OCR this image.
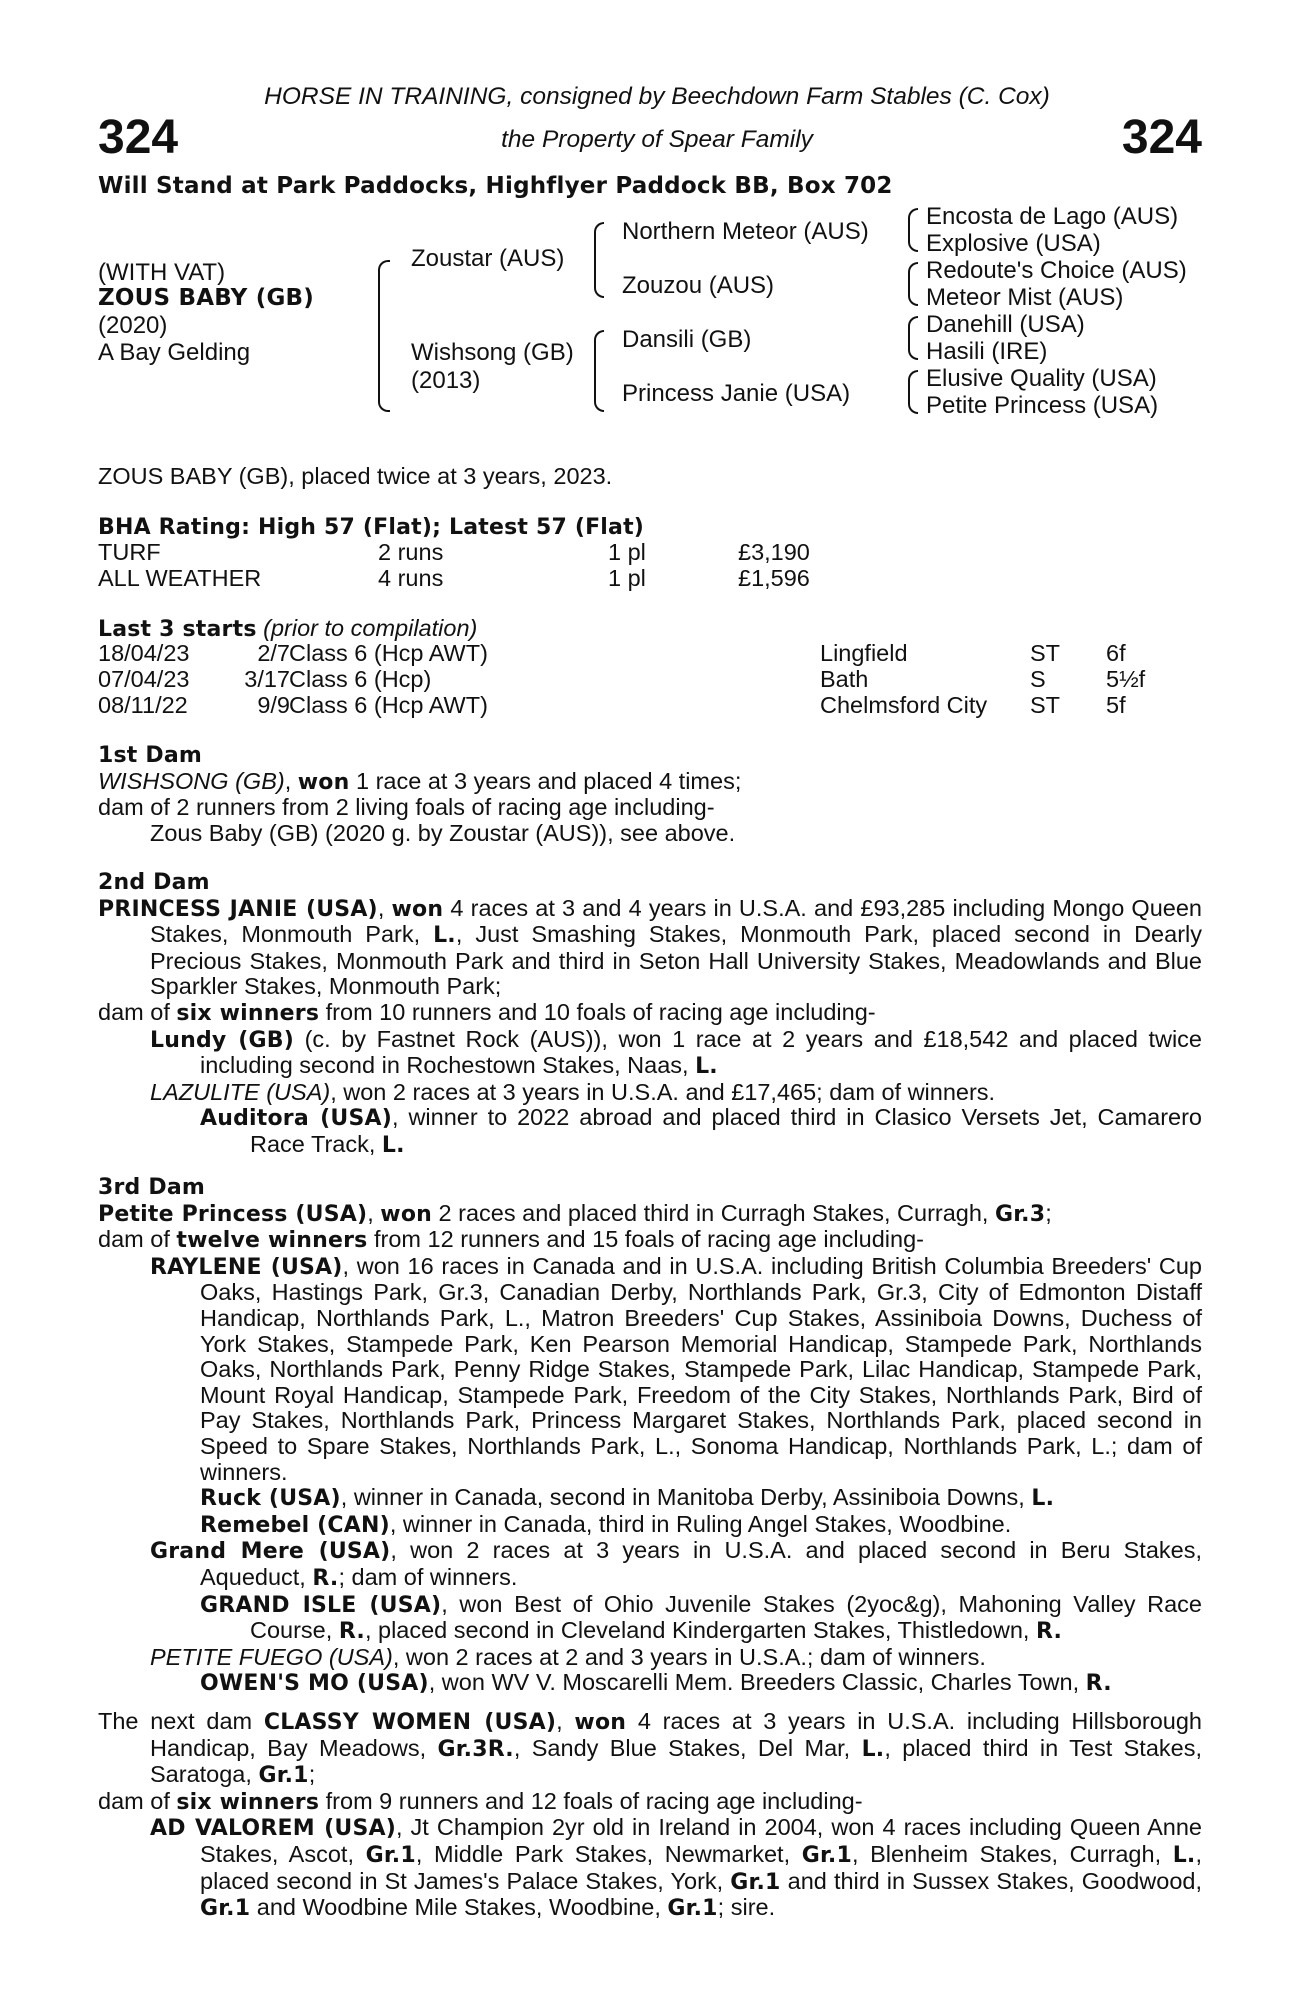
HORSE IN TRAINING, consigned by Beechdown Farm Stables (C. Cox)
324	the Property of Spear Family	324
Will Stand at Park Paddocks, Highflyer Paddock BB, Box 702
(WITH VAT)
ZOUS BABY (GB)
(2020)
A Bay Gelding
Zoustar (AUS)
Wishsong (GB)
(2013)
Northern Meteor (AUS)
Zouzou (AUS)
Dansili (GB)
Princess Janie (USA)
Encosta de Lago (AUS)
Explosive (USA)
Redoute's Choice (AUS)
Meteor Mist (AUS)
Danehill (USA)
Hasili (IRE)
Elusive Quality (USA)
Petite Princess (USA)
ZOUS BABY (GB), placed twice at 3 years, 2023.
BHA Rating: High 57 (Flat); Latest 57 (Flat)
TURF	2 runs	1 pl	£3,190
ALL WEATHER	4 runs	1 pl	£1,596
Last 3 starts (prior to compilation)
18/04/23	2/7 Class 6 (Hcp AWT)	Lingfield	ST 6f
07/04/23 3/17 Class 6 (Hcp)	Bath	S	5½f
08/11/22	9/9 Class 6 (Hcp AWT)	Chelmsford City ST 5f

1st Dam

WISHSONG (GB), won 1 race at 3 years and placed 4 times;

dam of 2 runners from 2 living foals of racing age including-

Zous Baby (GB) (2020 g. by Zoustar (AUS)), see above.

2nd Dam

PRINCESS JANIE (USA), won 4 races at 3 and 4 years in U.S.A. and £93,285 including Mongo Queen Stakes, Monmouth Park, L., Just Smashing Stakes, Monmouth Park, placed second in Dearly Precious Stakes, Monmouth Park and third in Seton Hall University Stakes, Meadowlands and Blue Sparkler Stakes, Monmouth Park;

dam of six winners from 10 runners and 10 foals of racing age including-

Lundy (GB) (c. by Fastnet Rock (AUS)), won 1 race at 2 years and £18,542 and placed twice including second in Rochestown Stakes, Naas, L.

LAZULITE (USA), won 2 races at 3 years in U.S.A. and £17,465; dam of winners.

Auditora (USA), winner to 2022 abroad and placed third in Clasico Versets Jet, Camarero Race Track, L.

3rd Dam

Petite Princess (USA), won 2 races and placed third in Curragh Stakes, Curragh, Gr.3;

dam of twelve winners from 12 runners and 15 foals of racing age including-

RAYLENE (USA), won 16 races in Canada and in U.S.A. including British Columbia Breeders' Cup Oaks, Hastings Park, Gr.3, Canadian Derby, Northlands Park, Gr.3, City of Edmonton Distaff Handicap, Northlands Park, L., Matron Breeders' Cup Stakes, Assiniboia Downs, Duchess of York Stakes, Stampede Park, Ken Pearson Memorial Handicap, Stampede Park, Northlands Oaks, Northlands Park, Penny Ridge Stakes, Stampede Park, Lilac Handicap, Stampede Park, Mount Royal Handicap, Stampede Park, Freedom of the City Stakes, Northlands Park, Bird of Pay Stakes, Northlands Park, Princess Margaret Stakes, Northlands Park, placed second in Speed to Spare Stakes, Northlands Park, L., Sonoma Handicap, Northlands Park, L.; dam of winners.

Ruck (USA), winner in Canada, second in Manitoba Derby, Assiniboia Downs, L.

Remebel (CAN), winner in Canada, third in Ruling Angel Stakes, Woodbine.

Grand Mere (USA), won 2 races at 3 years in U.S.A. and placed second in Beru Stakes, Aqueduct, R.; dam of winners.

GRAND ISLE (USA), won Best of Ohio Juvenile Stakes (2yoc&g), Mahoning Valley Race Course, R., placed second in Cleveland Kindergarten Stakes, Thistledown, R.

PETITE FUEGO (USA), won 2 races at 2 and 3 years in U.S.A.; dam of winners.

OWEN'S MO (USA), won WV V. Moscarelli Mem. Breeders Classic, Charles Town, R.

The next dam CLASSY WOMEN (USA), won 4 races at 3 years in U.S.A. including Hillsborough Handicap, Bay Meadows, Gr.3R., Sandy Blue Stakes, Del Mar, L., placed third in Test Stakes, Saratoga, Gr.1;

dam of six winners from 9 runners and 12 foals of racing age including-

AD VALOREM (USA), Jt Champion 2yr old in Ireland in 2004, won 4 races including Queen Anne Stakes, Ascot, Gr.1, Middle Park Stakes, Newmarket, Gr.1, Blenheim Stakes, Curragh, L., placed second in St James's Palace Stakes, York, Gr.1 and third in Sussex Stakes, Goodwood, Gr.1 and Woodbine Mile Stakes, Woodbine, Gr.1; sire.
